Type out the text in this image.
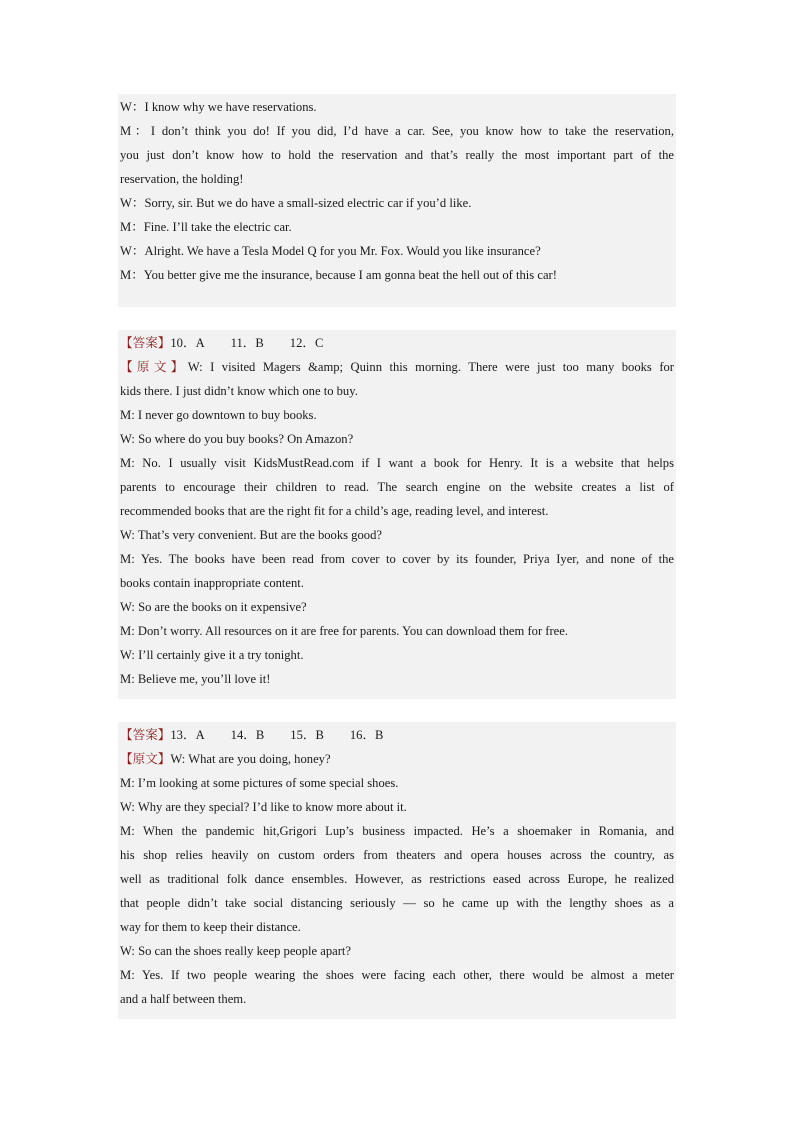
W：I know why we have reservations.

M：I don’t think you do! If you did, I’d have a car. See, you know how to take the reservation,

you just don’t know how to hold the reservation and that’s really the most important part of the

reservation, the holding!

W：Sorry, sir. But we do have a small-sized electric car if you’d like.

M：Fine. I’ll take the electric car.

W：Alright. We have a Tesla Model Q for you Mr. Fox. Would you like insurance?

M：You better give me the insurance, because I am gonna beat the hell out of this car!

【答案】10．A 11．B 12．C

【原文】W: I visited Magers &amp; Quinn this morning. There were just too many books for

kids there. I just didn’t know which one to buy.

M: I never go downtown to buy books.

W: So where do you buy books? On Amazon?

M: No. I usually visit KidsMustRead.com if I want a book for Henry. It is a website that helps

parents to encourage their children to read. The search engine on the website creates a list of

recommended books that are the right fit for a child’s age, reading level, and interest.

W: That’s very convenient. But are the books good?

M: Yes. The books have been read from cover to cover by its founder, Priya Iyer, and none of the

books contain inappropriate content.

W: So are the books on it expensive?

M: Don’t worry. All resources on it are free for parents. You can download them for free.

W: I’ll certainly give it a try tonight.

M: Believe me, you’ll love it!

【答案】13．A 14．B 15．B 16．B

【原文】W: What are you doing, honey?

M: I’m looking at some pictures of some special shoes.

W: Why are they special? I’d like to know more about it.

M: When the pandemic hit,Grigori Lup’s business impacted. He’s a shoemaker in Romania, and

his shop relies heavily on custom orders from theaters and opera houses across the country, as

well as traditional folk dance ensembles. However, as restrictions eased across Europe, he realized

that people didn’t take social distancing seriously — so he came up with the lengthy shoes as a

way for them to keep their distance.

W: So can the shoes really keep people apart?

M: Yes. If two people wearing the shoes were facing each other, there would be almost a meter

and a half between them.
